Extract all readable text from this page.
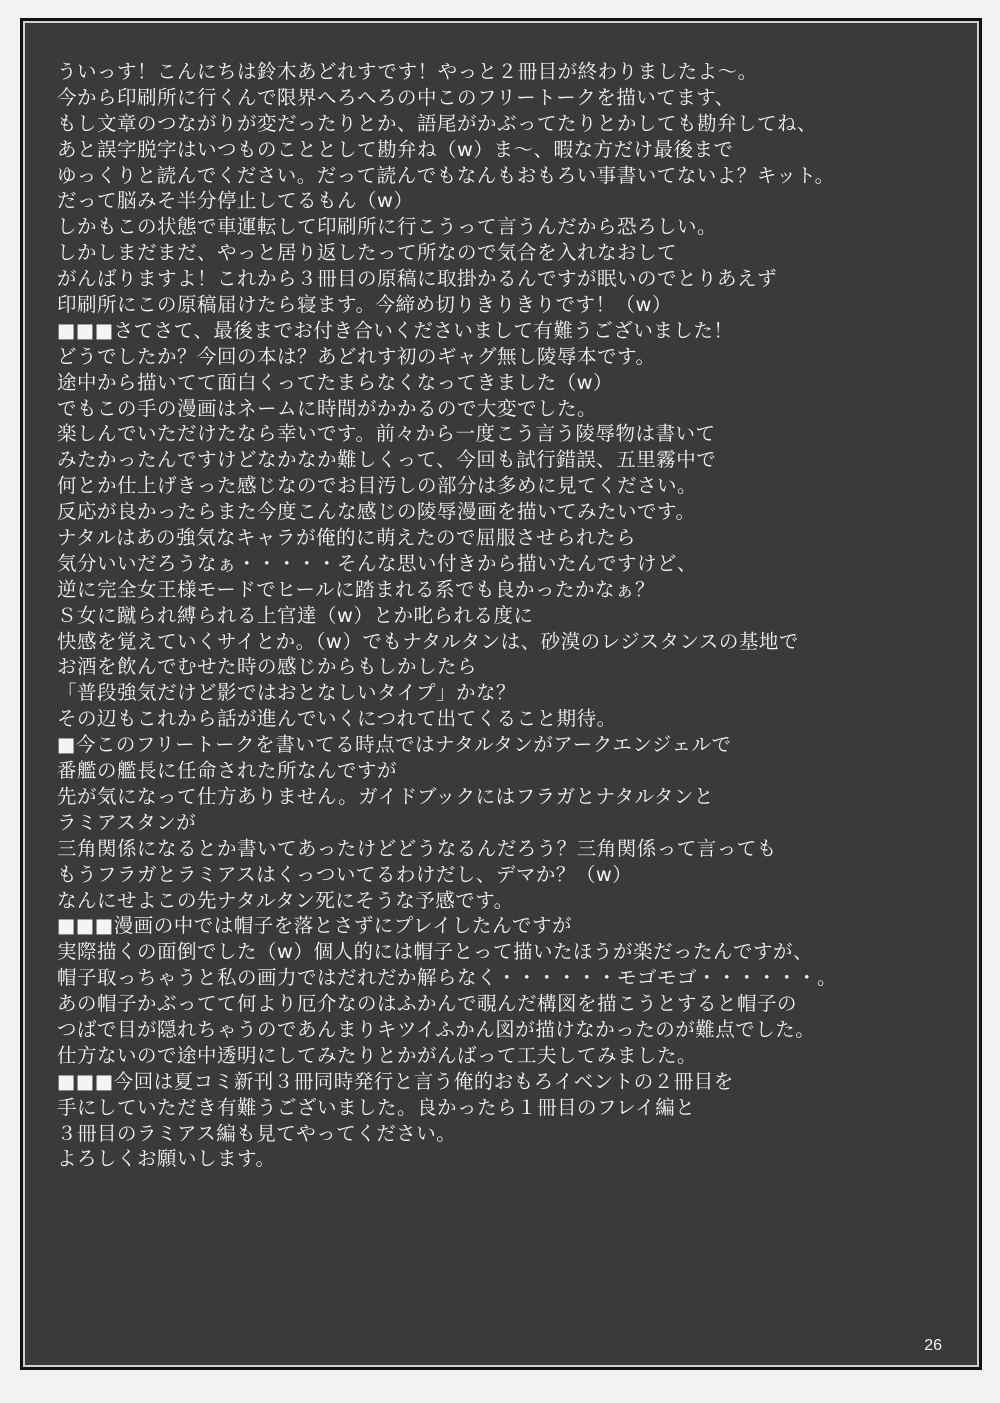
ういっす！こんにちは鈴木あどれすです！やっと２冊目が終わりましたよ～。
今から印刷所に行くんで限界へろへろの中このフリートークを描いてます、
もし文章のつながりが変だったりとか、語尾がかぶってたりとかしても勘弁してね、
あと誤字脱字はいつものこととして勘弁ね（w）ま～、暇な方だけ最後まで
ゆっくりと読んでください。だって読んでもなんもおもろい事書いてないよ？キット。
だって脳みそ半分停止してるもん（w）
しかもこの状態で車運転して印刷所に行こうって言うんだから恐ろしい。
しかしまだまだ、やっと居り返したって所なので気合を入れなおして
がんばりますよ！これから３冊目の原稿に取掛かるんですが眠いのでとりあえず
印刷所にこの原稿届けたら寝ます。今締め切りきりきりです！（w）
■■■さてさて、最後までお付き合いくださいまして有難うございました！
どうでしたか？今回の本は？あどれす初のギャグ無し陵辱本です。
途中から描いてて面白くってたまらなくなってきました（w）
でもこの手の漫画はネームに時間がかかるので大変でした。
楽しんでいただけたなら幸いです。前々から一度こう言う陵辱物は書いて
みたかったんですけどなかなか難しくって、今回も試行錯誤、五里霧中で
何とか仕上げきった感じなのでお目汚しの部分は多めに見てください。
反応が良かったらまた今度こんな感じの陵辱漫画を描いてみたいです。
ナタルはあの強気なキャラが俺的に萌えたので屈服させられたら
気分いいだろうなぁ・・・・・そんな思い付きから描いたんですけど、
逆に完全女王様モードでヒールに踏まれる系でも良かったかなぁ？
Ｓ女に蹴られ縛られる上官達（w）とか叱られる度に
快感を覚えていくサイとか。（w）でもナタルタンは、砂漠のレジスタンスの基地で
お酒を飲んでむせた時の感じからもしかしたら
「普段強気だけど影ではおとなしいタイプ」かな？
その辺もこれから話が進んでいくにつれて出てくること期待。
■今このフリートークを書いてる時点ではナタルタンがアークエンジェルで
番艦の艦長に任命された所なんですが
先が気になって仕方ありません。ガイドブックにはフラガとナタルタンと
ラミアスタンが
三角関係になるとか書いてあったけどどうなるんだろう？三角関係って言っても
もうフラガとラミアスはくっついてるわけだし、デマか？（w）
なんにせよこの先ナタルタン死にそうな予感です。
■■■漫画の中では帽子を落とさずにプレイしたんですが
実際描くの面倒でした（w）個人的には帽子とって描いたほうが楽だったんですが、
帽子取っちゃうと私の画力ではだれだか解らなく・・・・・・モゴモゴ・・・・・・。
あの帽子かぶってて何より厄介なのはふかんで覗んだ構図を描こうとすると帽子の
つばで目が隠れちゃうのであんまりキツイふかん図が描けなかったのが難点でした。
仕方ないので途中透明にしてみたりとかがんばって工夫してみました。
■■■今回は夏コミ新刊３冊同時発行と言う俺的おもろイベントの２冊目を
手にしていただき有難うございました。良かったら１冊目のフレイ編と
３冊目のラミアス編も見てやってください。
よろしくお願いします。
26
